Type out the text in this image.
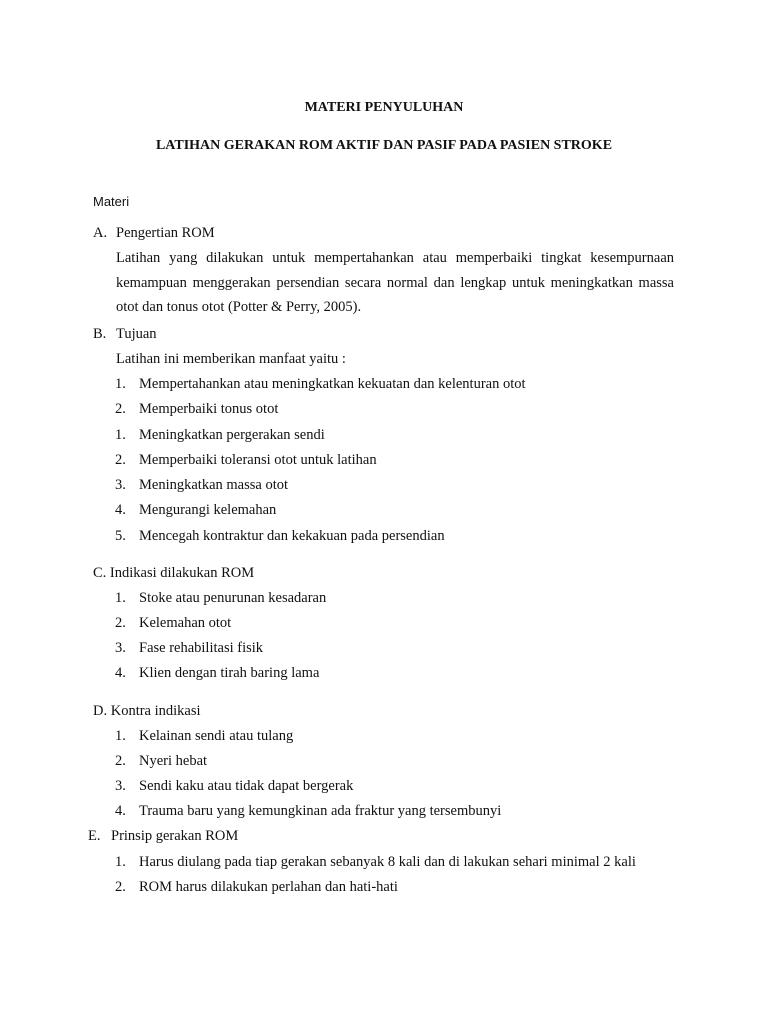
MATERI PENYULUHAN
LATIHAN GERAKAN ROM AKTIF DAN PASIF PADA PASIEN STROKE
Materi
A. Pengertian ROM
Latihan yang dilakukan untuk mempertahankan atau memperbaiki tingkat kesempurnaan kemampuan menggerakan persendian secara normal dan lengkap untuk meningkatkan massa otot dan tonus otot (Potter & Perry, 2005).
B. Tujuan
Latihan ini memberikan manfaat yaitu :
1. Mempertahankan atau meningkatkan kekuatan dan kelenturan otot
2. Memperbaiki tonus otot
1. Meningkatkan pergerakan sendi
2. Memperbaiki toleransi otot untuk latihan
3. Meningkatkan massa otot
4. Mengurangi kelemahan
5. Mencegah kontraktur dan kekakuan pada persendian
C. Indikasi dilakukan ROM
1. Stoke atau penurunan kesadaran
2. Kelemahan otot
3. Fase rehabilitasi fisik
4. Klien dengan tirah baring lama
D. Kontra indikasi
1. Kelainan sendi atau tulang
2. Nyeri hebat
3. Sendi kaku atau tidak dapat bergerak
4. Trauma baru yang kemungkinan ada fraktur yang tersembunyi
E. Prinsip gerakan ROM
1. Harus diulang pada tiap gerakan sebanyak 8 kali dan di lakukan sehari minimal 2 kali
2. ROM harus dilakukan perlahan dan hati-hati
